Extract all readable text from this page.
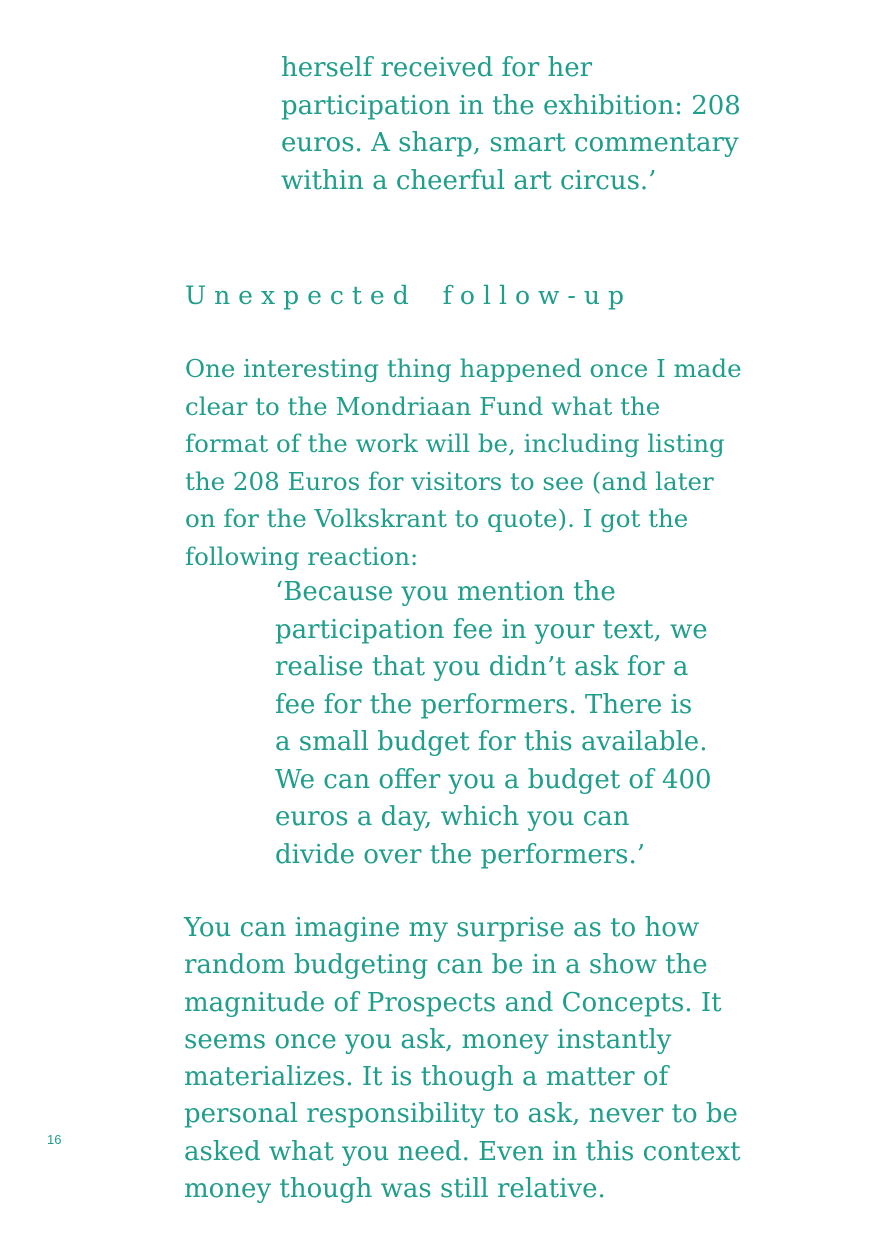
herself received for her participation in the exhibition: 208 euros. A sharp, smart commentary within a cheerful art circus.’

Unexpected follow-up

One interesting thing happened once I made clear to the Mondriaan Fund what the format of the work will be, including listing the 208 Euros for visitors to see (and later on for the Volkskrant to quote). I got the following reaction:

‘Because you mention the participation fee in your text, we realise that you didn’t ask for a fee for the performers. There is a small budget for this available. We can offer you a budget of 400 euros a day, which you can divide over the performers.’

You can imagine my surprise as to how random budgeting can be in a show the magnitude of Prospects and Concepts. It seems once you ask, money instantly materializes. It is though a matter of personal responsibility to ask, never to be asked what you need. Even in this context money though was still relative.

16
